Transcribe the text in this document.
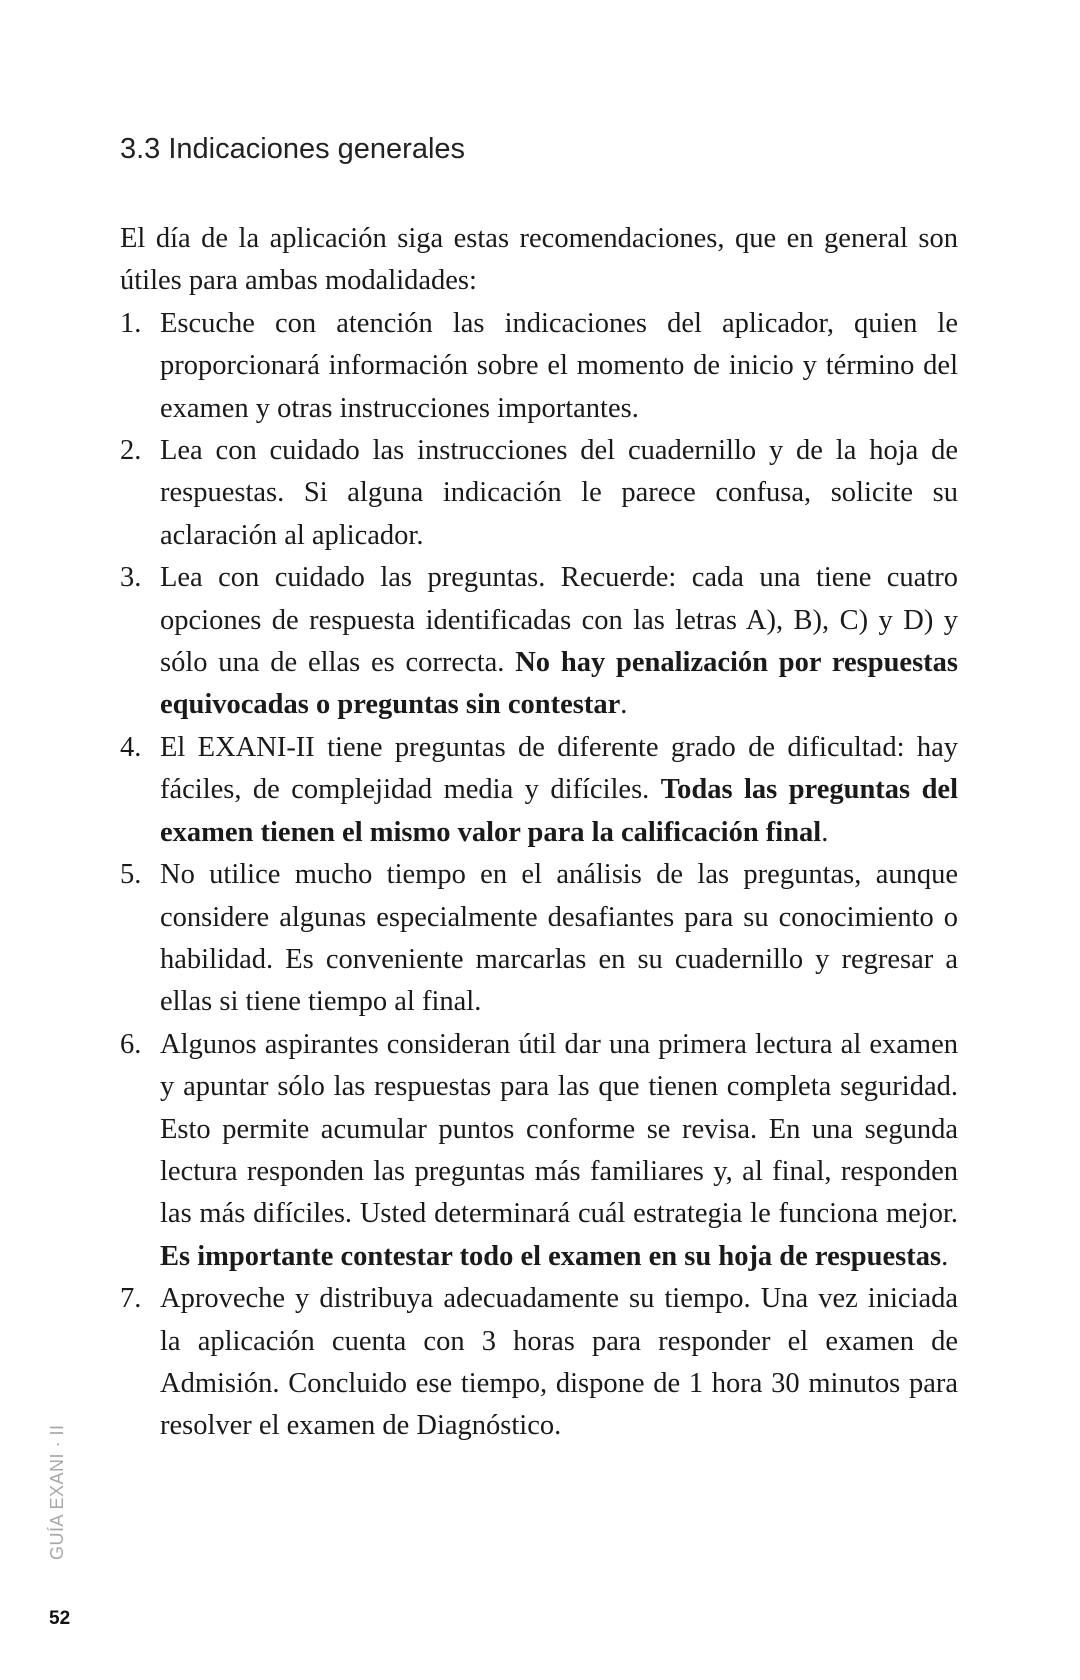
3.3 Indicaciones generales

El día de la aplicación siga estas recomendaciones, que en general son útiles para ambas modalidades:

1. Escuche con atención las indicaciones del aplicador, quien le proporcionará información sobre el momento de inicio y término del examen y otras instrucciones importantes.
2. Lea con cuidado las instrucciones del cuadernillo y de la hoja de respuestas. Si alguna indicación le parece confusa, solicite su aclaración al aplicador.
3. Lea con cuidado las preguntas. Recuerde: cada una tiene cuatro opciones de respuesta identificadas con las letras A), B), C) y D) y sólo una de ellas es correcta. No hay penalización por respuestas equivocadas o preguntas sin contestar.
4. El EXANI-II tiene preguntas de diferente grado de dificultad: hay fáciles, de complejidad media y difíciles. Todas las preguntas del examen tienen el mismo valor para la calificación final.
5. No utilice mucho tiempo en el análisis de las preguntas, aunque considere algunas especialmente desafiantes para su conocimiento o habilidad. Es conveniente marcarlas en su cuadernillo y regresar a ellas si tiene tiempo al final.
6. Algunos aspirantes consideran útil dar una primera lectura al examen y apuntar sólo las respuestas para las que tienen completa seguridad. Esto permite acumular puntos conforme se revisa. En una segunda lectura responden las preguntas más familiares y, al final, responden las más difíciles. Usted determinará cuál estrategia le funciona mejor. Es importante contestar todo el examen en su hoja de respuestas.
7. Aproveche y distribuya adecuadamente su tiempo. Una vez iniciada la aplicación cuenta con 3 horas para responder el examen de Admisión. Concluido ese tiempo, dispone de 1 hora 30 minutos para resolver el examen de Diagnóstico.
GUÍA EXANI · II
52
